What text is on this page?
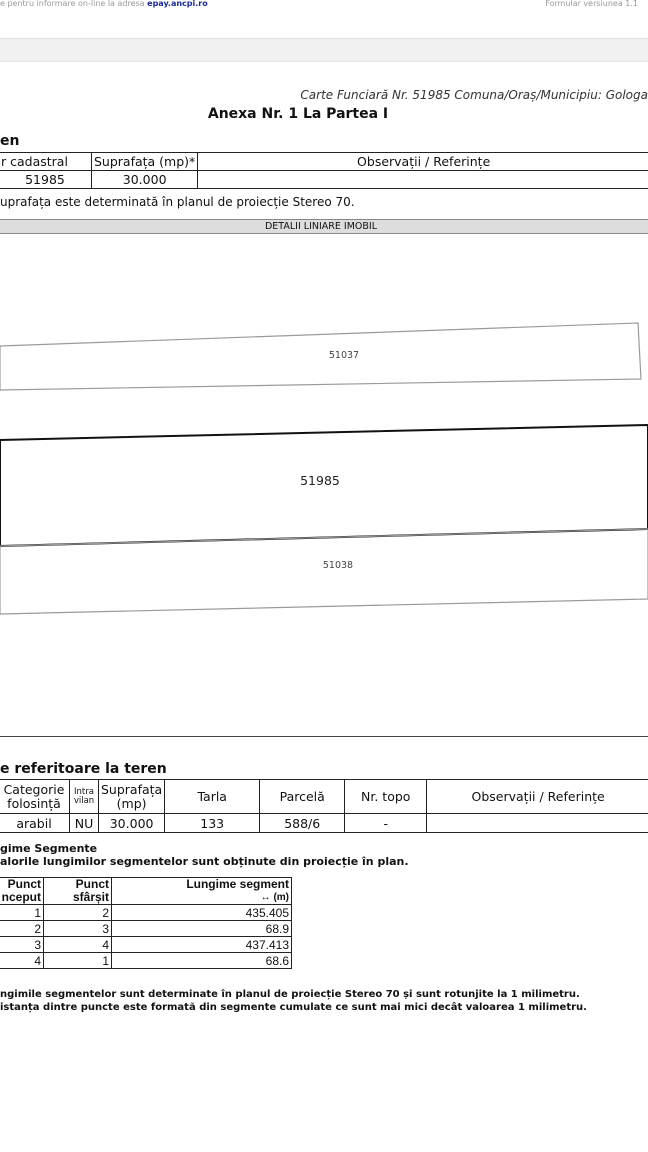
e pentru informare on-line la adresa epay.ancpi.ro	Formular versiunea 1.1
Carte Funciară Nr. 51985 Comuna/Oraș/Municipiu: Gologa
Anexa Nr. 1 La Partea I
en
r cadastral	Suprafața (mp)*	Observații / Referințe
51985	30.000	
uprafața este determinată în planul de proiecție Stereo 70.
DETALII LINIARE IMOBIL
51037
51985
51038
e referitoare la teren
Categorie folosință	Intra vilan	Suprafața (mp)	Tarla	Parcelă	Nr. topo	Observații / Referințe
arabil	NU	30.000	133	588/6	-	
gime Segmente
alorile lungimilor segmentelor sunt obținute din proiecție în plan.
Punct nceput	Punct sfârșit	Lungime segment
↔ (m)

1	2	435.405
2	3	68.9
3	4	437.413
4	1	68.6
ngimile segmentelor sunt determinate în planul de proiecție Stereo 70 și sunt rotunjite la 1 milimetru.
istanța dintre puncte este formată din segmente cumulate ce sunt mai mici decât valoarea 1 milimetru.
